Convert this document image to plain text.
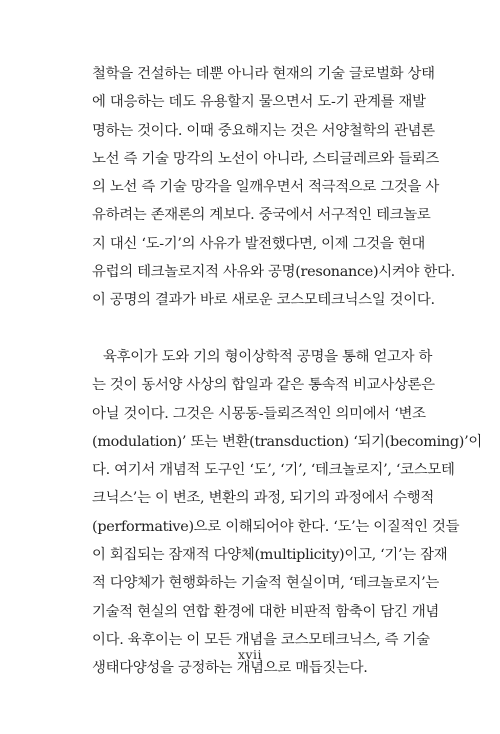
철학을 건설하는 데뿐 아니라 현재의 기술 글로벌화 상태
에 대응하는 데도 유용할지 물으면서 도-기 관계를 재발
명하는 것이다. 이때 중요해지는 것은 서양철학의 관념론
노선 즉 기술 망각의 노선이 아니라, 스티글레르와 들뢰즈
의 노선 즉 기술 망각을 일깨우면서 적극적으로 그것을 사
유하려는 존재론의 계보다. 중국에서 서구적인 테크놀로
지 대신 ‘도-기’의 사유가 발전했다면, 이제 그것을 현대
유럽의 테크놀로지적 사유와 공명(resonance)시켜야 한다.
이 공명의 결과가 바로 새로운 코스모테크닉스일 것이다.
육후이가 도와 기의 형이상학적 공명을 통해 얻고자 하
는 것이 동서양 사상의 합일과 같은 통속적 비교사상론은
아닐 것이다. 그것은 시몽동-들뢰즈적인 의미에서 ‘변조
(modulation)’ 또는 변환(transduction) ‘되기(becoming)’이
다. 여기서 개념적 도구인 ‘도’, ‘기’, ‘테크놀로지’, ‘코스모테
크닉스’는 이 변조, 변환의 과정, 되기의 과정에서 수행적
(performative)으로 이해되어야 한다. ‘도’는 이질적인 것들
이 회집되는 잠재적 다양체(multiplicity)이고, ‘기’는 잠재
적 다양체가 현행화하는 기술적 현실이며, ‘테크놀로지’는
기술적 현실의 연합 환경에 대한 비판적 함축이 담긴 개념
이다. 육후이는 이 모든 개념을 코스모테크닉스, 즉 기술
생태다양성을 긍정하는 개념으로 매듭짓는다.
xvii
